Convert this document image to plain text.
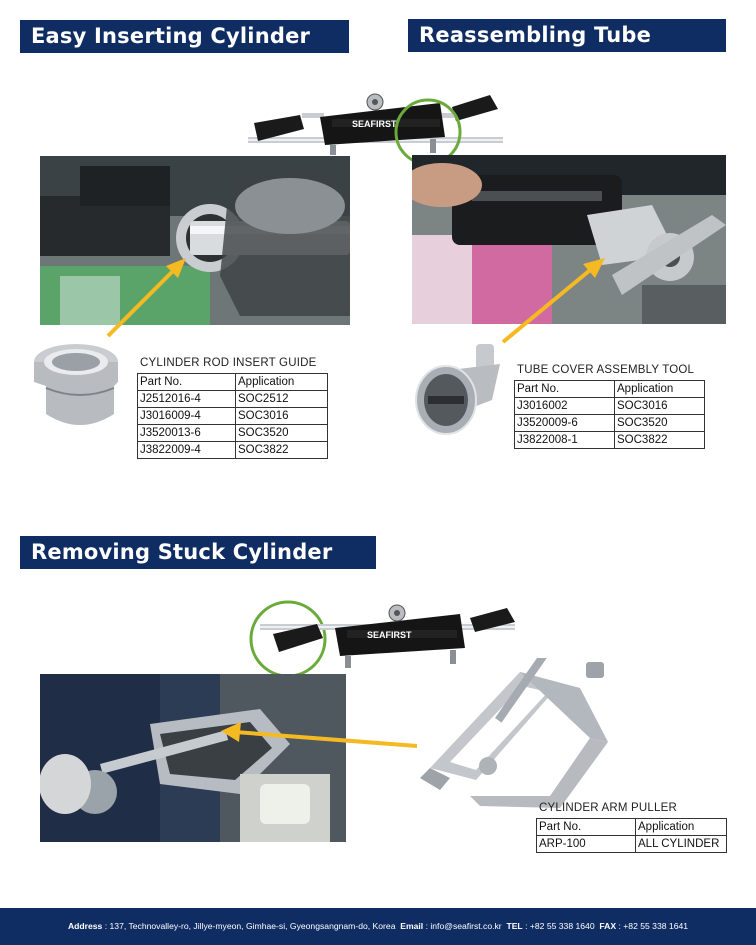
Easy Inserting Cylinder Rod
Reassembling Tube Cover
SEAFIRST
CYLINDER ROD INSERT GUIDE
Part No.	Application
J2512016-4	SOC2512
J3016009-4	SOC3016
J3520013-6	SOC3520
J3822009-4	SOC3822
TUBE COVER ASSEMBLY TOOL
Part No.	Application
J3016002	SOC3016
J3520009-6	SOC3520
J3822008-1	SOC3822
Removing Stuck Cylinder Arm
SEAFIRST
CYLINDER ARM PULLER
Part No.	Application
ARP-100	ALL CYLINDER
Address : 137, Technovalley-ro, Jillye-myeon, Gimhae-si, Gyeongsangnam-do, Korea Email : info@seafirst.co.kr TEL : +82 55 338 1640 FAX : +82 55 338 1641
